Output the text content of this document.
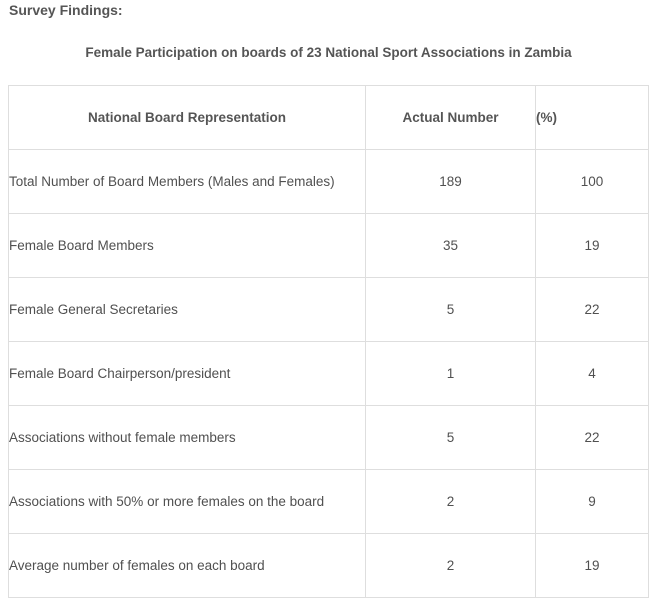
Survey Findings:

Female Participation on boards of 23 National Sport Associations in Zambia

National Board Representation	Actual Number	(%)
Total Number of Board Members (Males and Females)	189	100
Female Board Members	35	19
Female General Secretaries	5	22
Female Board Chairperson/president	1	4
Associations without female members	5	22
Associations with 50% or more females on the board	2	9
Average number of females on each board	2	19
